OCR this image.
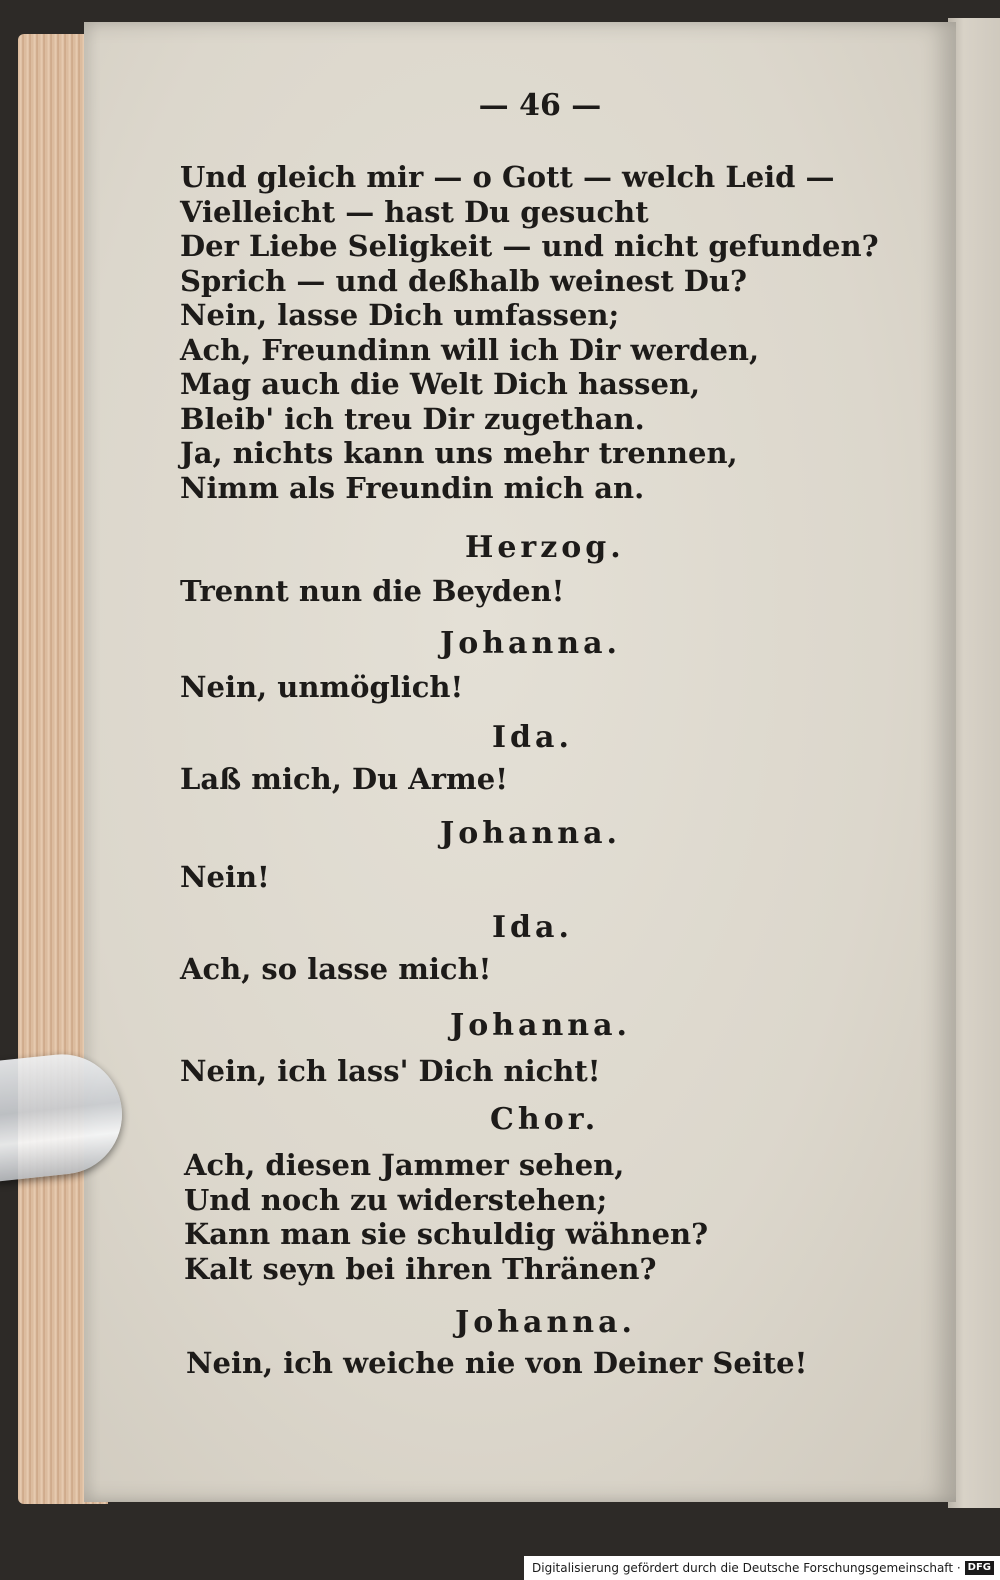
— 46 —
Und gleich mir — o Gott — welch Leid —
Vielleicht — hast Du gesucht
Der Liebe Seligkeit — und nicht gefunden?
Sprich — und deßhalb weinest Du?
Nein, lasse Dich umfassen;
Ach, Freundinn will ich Dir werden,
Mag auch die Welt Dich hassen,
Bleib' ich treu Dir zugethan.
Ja, nichts kann uns mehr trennen,
Nimm als Freundin mich an.
Herzog.
Trennt nun die Beyden!
Johanna.
Nein, unmöglich!
Ida.
Laß mich, Du Arme!
Johanna.
Nein!
Ida.
Ach, so lasse mich!
Johanna.
Nein, ich lass' Dich nicht!
Chor.
Ach, diesen Jammer sehen,
Und noch zu widerstehen;
Kann man sie schuldig wähnen?
Kalt seyn bei ihren Thränen?
Johanna.
Nein, ich weiche nie von Deiner Seite!
Digitalisierung gefördert durch die Deutsche Forschungsgemeinschaft · DFG
